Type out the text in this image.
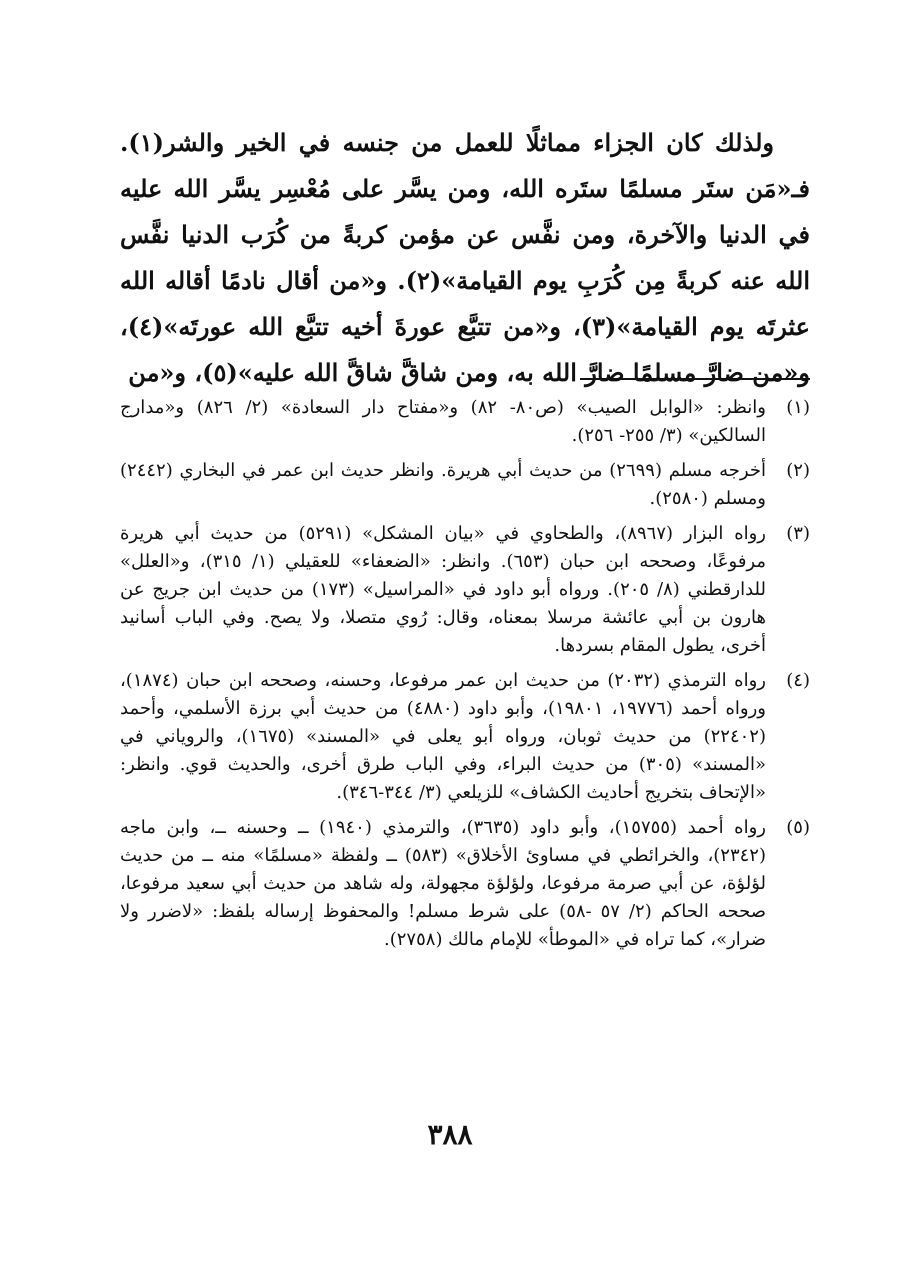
ولذلك كان الجزاء مماثلًا للعمل من جنسه في الخير والشر(١). فـ«مَن ستَر مسلمًا ستَره الله، ومن يسَّر على مُعْسِر يسَّر الله عليه في الدنيا والآخرة، ومن نفَّس عن مؤمن كربةً من كُرَب الدنيا نفَّس الله عنه كربةً مِن كُرَبِ يوم القيامة»(٢). و«من أقال نادمًا أقاله الله عثرتَه يوم القيامة»(٣)، و«من تتبَّع عورةَ أخيه تتبَّع الله عورتَه»(٤)، و«من ضارَّ مسلمًا ضارَّ الله به، ومن شاقَّ شاقَّ الله عليه»(٥)، و«من

(١)
وانظر: «الوابل الصيب» (ص٨٠- ٨٢) و«مفتاح دار السعادة» (٢/ ٨٢٦) و«مدارج السالكين» (٣/ ٢٥٥- ٢٥٦).
(٢)
أخرجه مسلم (٢٦٩٩) من حديث أبي هريرة. وانظر حديث ابن عمر في البخاري (٢٤٤٢) ومسلم (٢٥٨٠).
(٣)
رواه البزار (٨٩٦٧)، والطحاوي في «بيان المشكل» (٥٢٩١) من حديث أبي هريرة مرفوعًا، وصححه ابن حبان (٦٥٣). وانظر: «الضعفاء» للعقيلي (١/ ٣١٥)، و«العلل» للدارقطني (٨/ ٢٠٥). ورواه أبو داود في «المراسيل» (١٧٣) من حديث ابن جريج عن هارون بن أبي عائشة مرسلا بمعناه، وقال: رُوي متصلا، ولا يصح. وفي الباب أسانيد أخرى، يطول المقام بسردها.
(٤)
رواه الترمذي (٢٠٣٢) من حديث ابن عمر مرفوعا، وحسنه، وصححه ابن حبان (١٨٧٤)، ورواه أحمد (١٩٧٧٦، ١٩٨٠١)، وأبو داود (٤٨٨٠) من حديث أبي برزة الأسلمي، وأحمد (٢٢٤٠٢) من حديث ثوبان، ورواه أبو يعلى في «المسند» (١٦٧٥)، والروياني في «المسند» (٣٠٥) من حديث البراء، وفي الباب طرق أخرى، والحديث قوي. وانظر: «الإتحاف بتخريج أحاديث الكشاف» للزيلعي (٣/ ٣٤٤-٣٤٦).
(٥)
رواه أحمد (١٥٧٥٥)، وأبو داود (٣٦٣٥)، والترمذي (١٩٤٠) ــ وحسنه ــ، وابن ماجه (٢٣٤٢)، والخرائطي في مساوئ الأخلاق» (٥٨٣) ــ ولفظة «مسلمًا» منه ــ من حديث لؤلؤة، عن أبي صرمة مرفوعا، ولؤلؤة مجهولة، وله شاهد من حديث أبي سعيد مرفوعا، صححه الحاكم (٢/ ٥٧ -٥٨) على شرط مسلم! والمحفوظ إرساله بلفظ: «لاضرر ولا ضرار»، كما تراه في «الموطأ» للإمام مالك (٢٧٥٨).
٣٨٨
